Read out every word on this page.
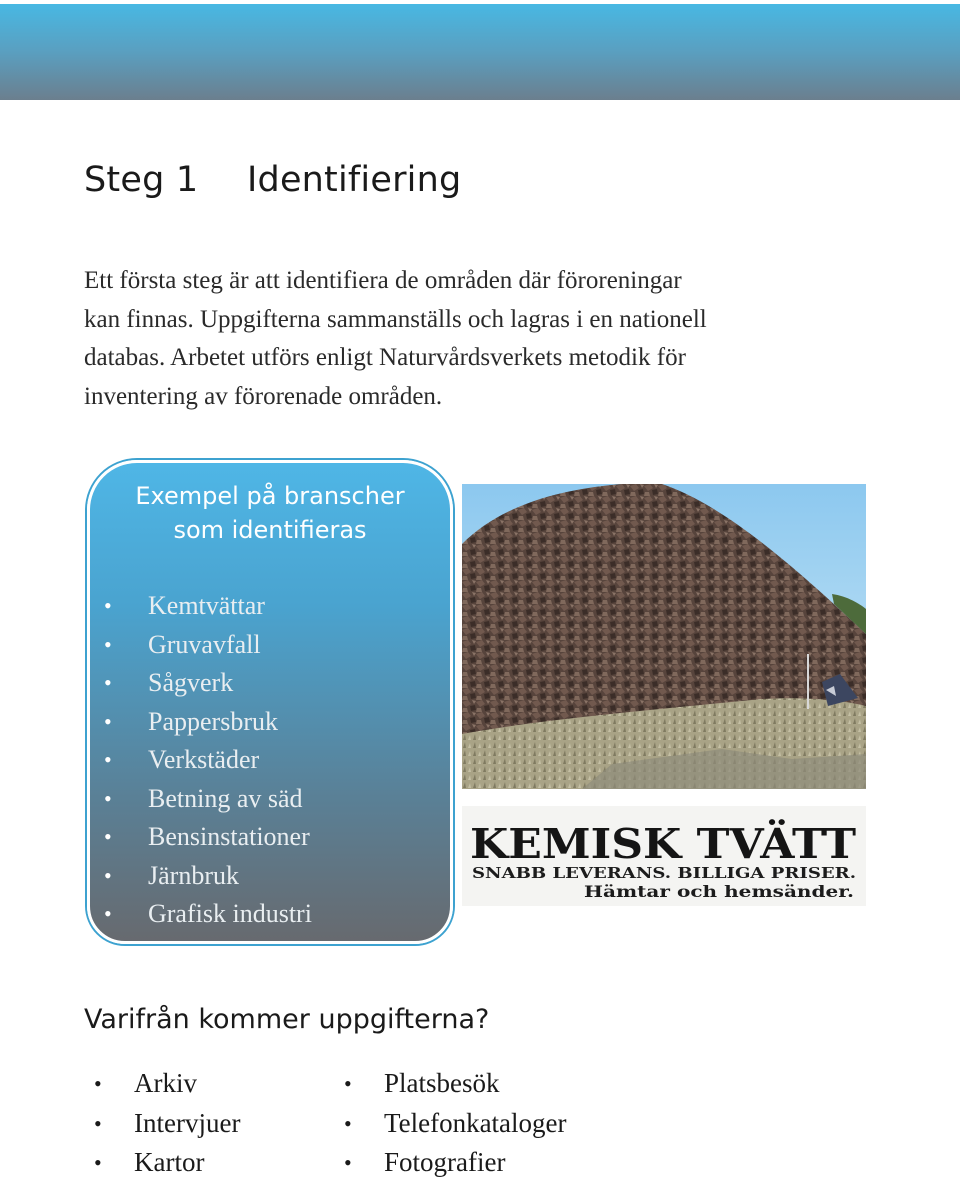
Steg 1 Identifiering
Ett första steg är att identifiera de områden där föroreningar
kan finnas. Uppgifterna sammanställs och lagras i en nationell
databas. Arbetet utförs enligt Naturvårdsverkets metodik för
inventering av förorenade områden.
Exempel på branscher
som identifieras
• Kemtvättar
• Gruvavfall
• Sågverk
• Pappersbruk
• Verkstäder
• Betning av säd
• Bensinstationer
• Järnbruk
• Grafisk industri
KEMISK TVÄTT
SNABB LEVERANS. BILLIGA PRISER.
Hämtar och hemsänder.
Varifrån kommer uppgifterna?
• Arkiv
• Intervjuer
• Kartor
• Platsbesök
• Telefonkataloger
• Fotografier
